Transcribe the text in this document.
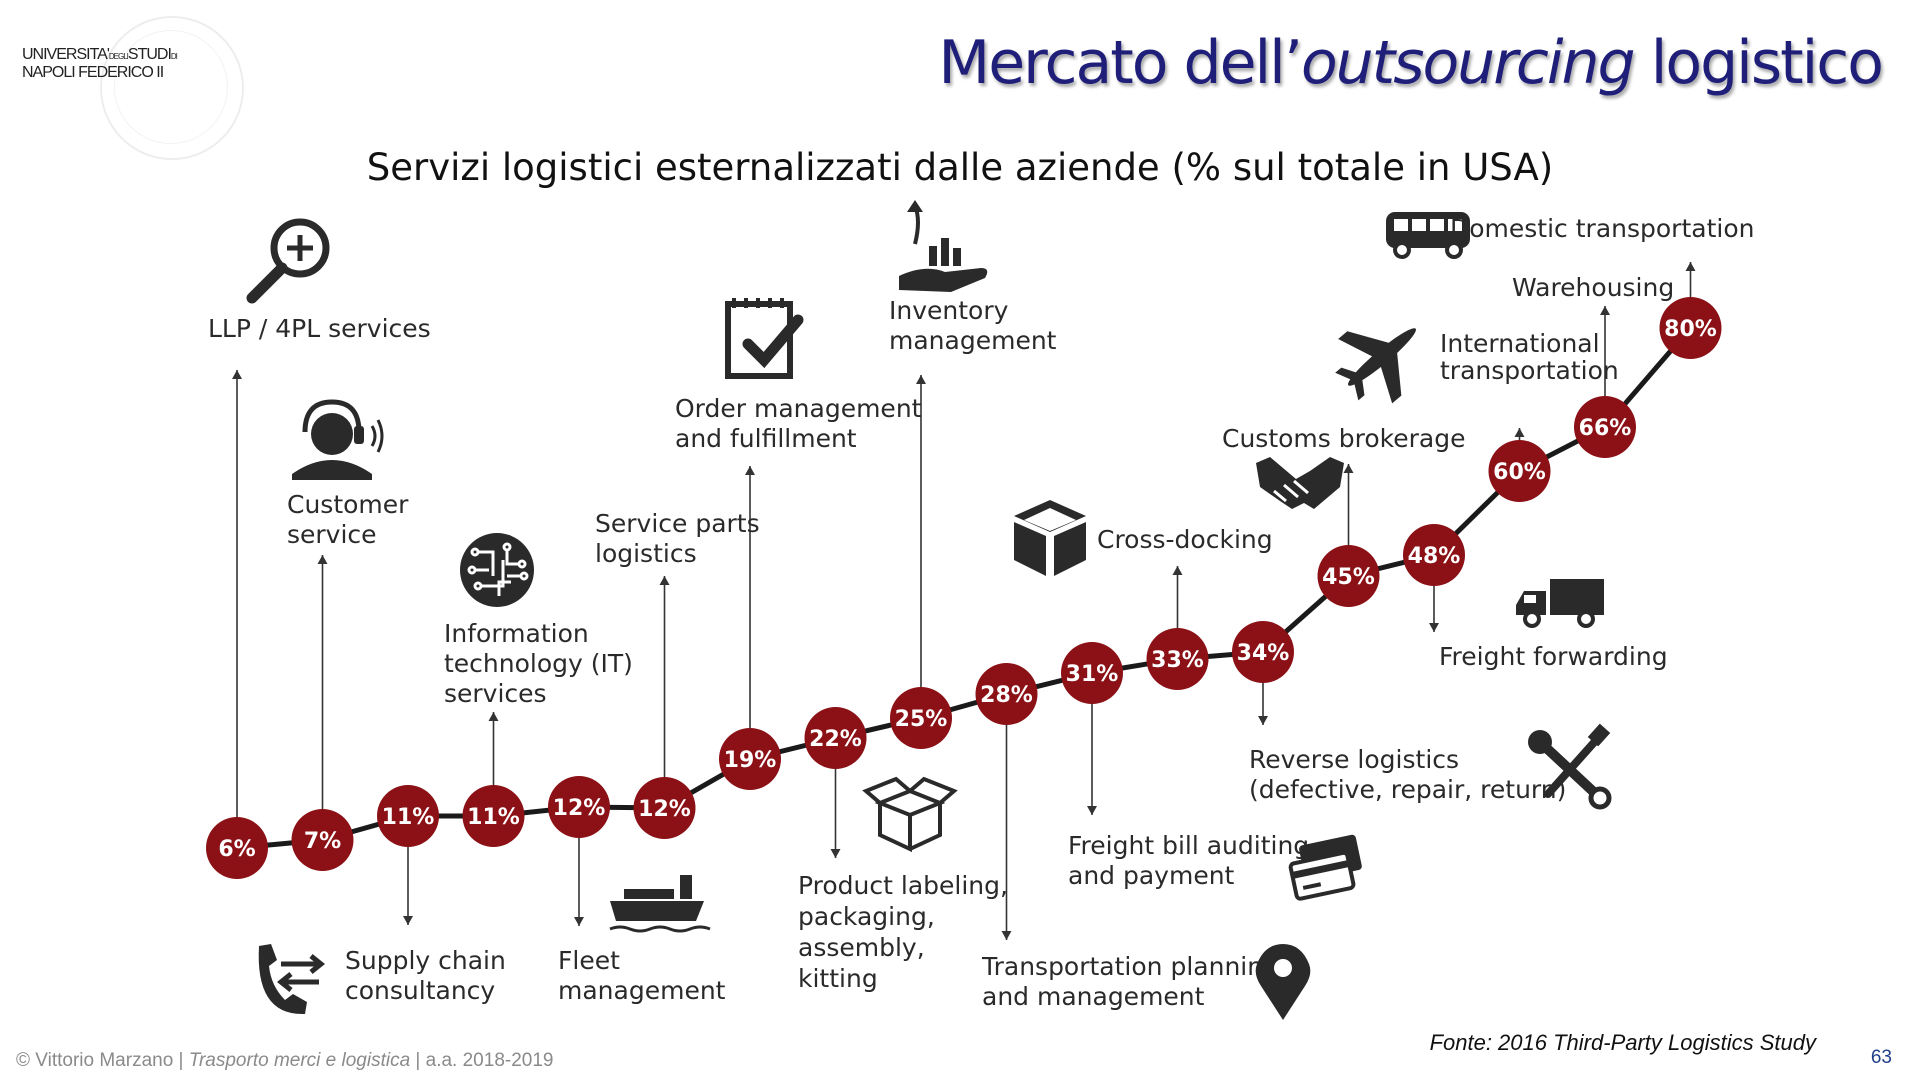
UNIVERSITA'DEGLISTUDIDI
NAPOLI FEDERICO II	Mercato dell’outsourcing logistico
Servizi logistici esternalizzati dalle aziende (% sul totale in USA)
6% 7%
11% 11% 12% 12%
19%
22%
25%
28%
31%
33% 34%
45%
48%
60%
66%
80%
LLP / 4PL services
Customer
service
Supply chain
consultancy
Information
technology (IT)
services
Fleet
management
Service parts
logistics
Order management
and fulfillment
Product labeling,
packaging,
assembly,
kitting
Inventory
management
Transportation plannin
and management
Freight bill auditing
and payment
Cross-docking
Reverse logistics
(defective, repair, return)
Customs brokerage
Freight forwarding
International
transportation
Warehousing
Domestic transportation
© Vittorio Marzano | Trasporto merci e logistica | a.a. 2018-2019
Fonte: 2016 Third-Party Logistics Study
63
